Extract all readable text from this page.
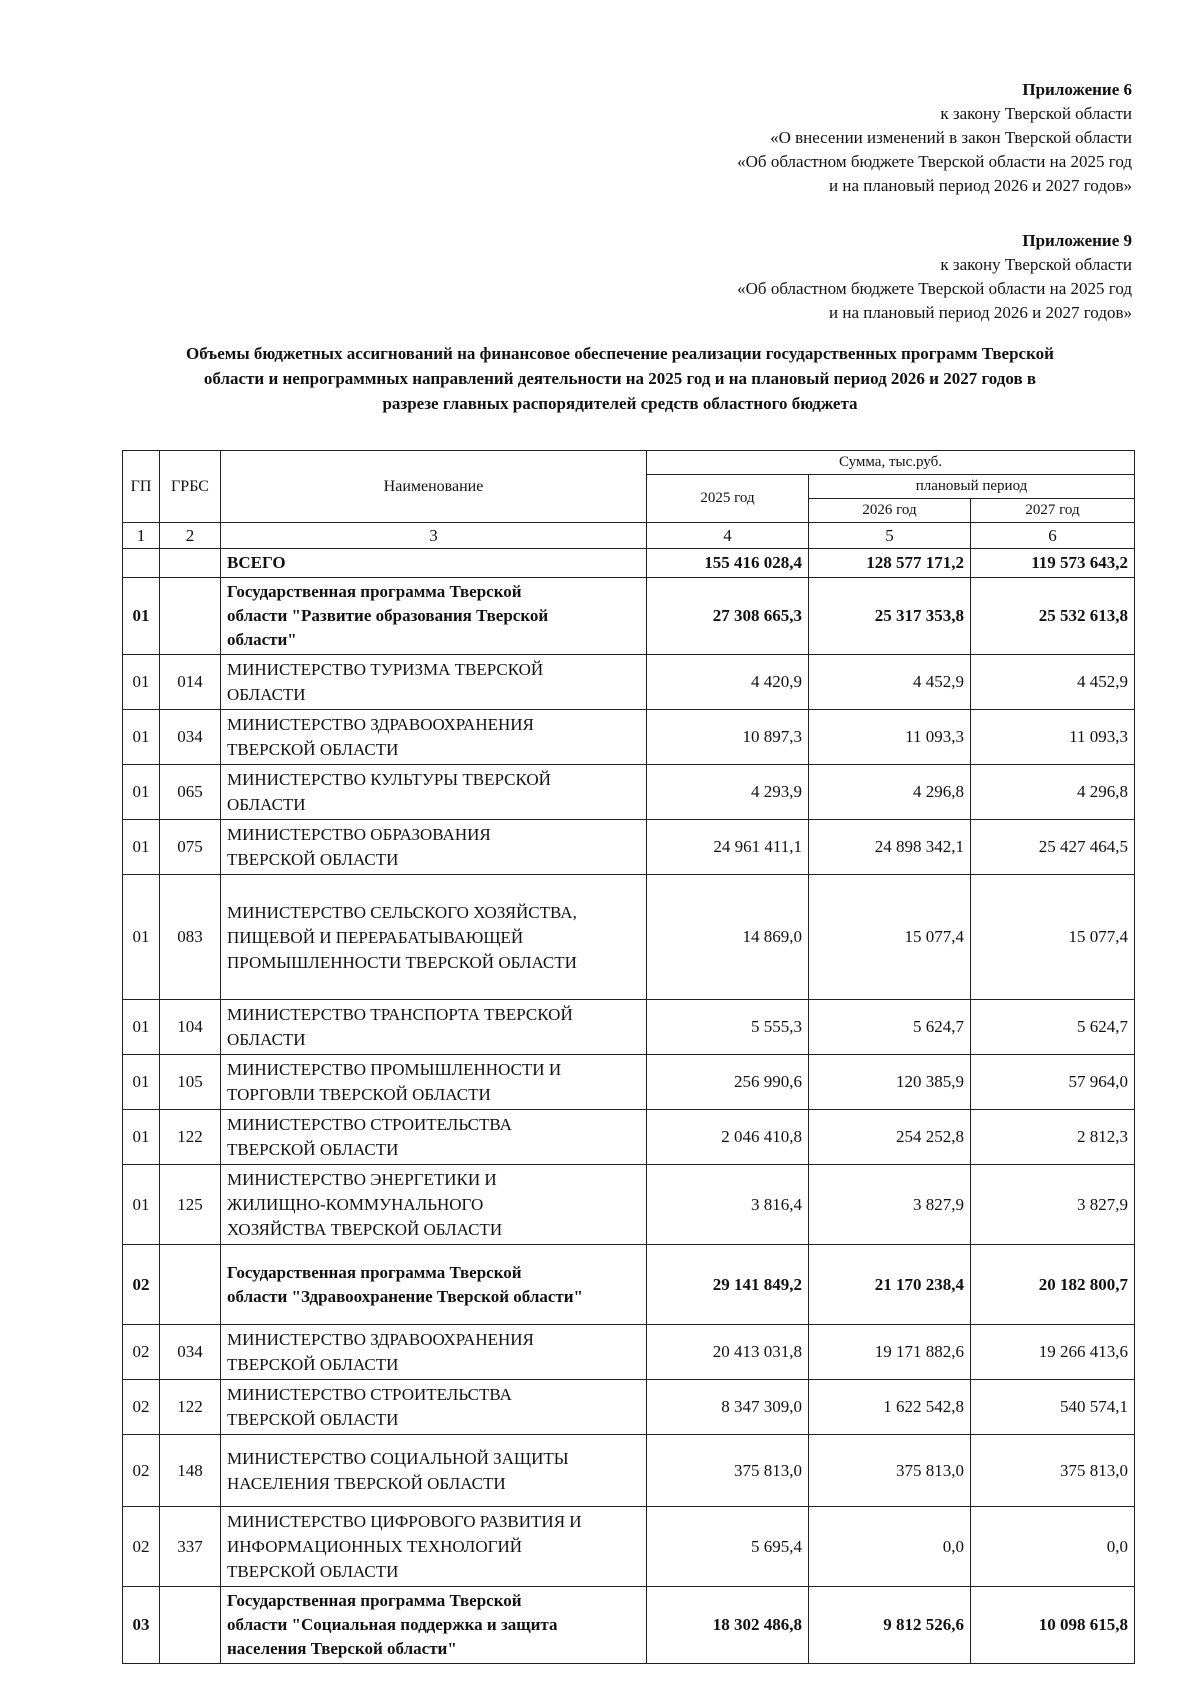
Приложение 6
к закону Тверской области
«О внесении изменений в закон Тверской области
«Об областном бюджете Тверской области на 2025 год
и на плановый период 2026 и 2027 годов»
Приложение 9
к закону Тверской области
«Об областном бюджете Тверской области на 2025 год
и на плановый период 2026 и 2027 годов»
Объемы бюджетных ассигнований на финансовое обеспечение реализации государственных программ Тверской
области и непрограммных направлений деятельности на 2025 год и на плановый период 2026 и 2027 годов в
разрезе главных распорядителей средств областного бюджета
ГП	ГРБС	Наименование	Сумма, тыс.руб.		
			2025 год	плановый период	
				2026 год	2027 год
1	2	3	4	5	6
		ВСЕГО	155 416 028,4	128 577 171,2	119 573 643,2
01		Государственная программа Тверской
области "Развитие образования Тверской
области"	27 308 665,3	25 317 353,8	25 532 613,8
01	014	МИНИСТЕРСТВО ТУРИЗМА ТВЕРСКОЙ
ОБЛАСТИ	4 420,9	4 452,9	4 452,9
01	034	МИНИСТЕРСТВО ЗДРАВООХРАНЕНИЯ
ТВЕРСКОЙ ОБЛАСТИ	10 897,3	11 093,3	11 093,3
01	065	МИНИСТЕРСТВО КУЛЬТУРЫ ТВЕРСКОЙ
ОБЛАСТИ	4 293,9	4 296,8	4 296,8
01	075	МИНИСТЕРСТВО ОБРАЗОВАНИЯ
ТВЕРСКОЙ ОБЛАСТИ	24 961 411,1	24 898 342,1	25 427 464,5
01	083	МИНИСТЕРСТВО СЕЛЬСКОГО ХОЗЯЙСТВА,
ПИЩЕВОЙ И ПЕРЕРАБАТЫВАЮЩЕЙ
ПРОМЫШЛЕННОСТИ ТВЕРСКОЙ ОБЛАСТИ	14 869,0	15 077,4	15 077,4
01	104	МИНИСТЕРСТВО ТРАНСПОРТА ТВЕРСКОЙ
ОБЛАСТИ	5 555,3	5 624,7	5 624,7
01	105	МИНИСТЕРСТВО ПРОМЫШЛЕННОСТИ И
ТОРГОВЛИ ТВЕРСКОЙ ОБЛАСТИ	256 990,6	120 385,9	57 964,0
01	122	МИНИСТЕРСТВО СТРОИТЕЛЬСТВА
ТВЕРСКОЙ ОБЛАСТИ	2 046 410,8	254 252,8	2 812,3
01	125	МИНИСТЕРСТВО ЭНЕРГЕТИКИ И
ЖИЛИЩНО-КОММУНАЛЬНОГО
ХОЗЯЙСТВА ТВЕРСКОЙ ОБЛАСТИ	3 816,4	3 827,9	3 827,9
02		Государственная программа Тверской
области "Здравоохранение Тверской области"	29 141 849,2	21 170 238,4	20 182 800,7
02	034	МИНИСТЕРСТВО ЗДРАВООХРАНЕНИЯ
ТВЕРСКОЙ ОБЛАСТИ	20 413 031,8	19 171 882,6	19 266 413,6
02	122	МИНИСТЕРСТВО СТРОИТЕЛЬСТВА
ТВЕРСКОЙ ОБЛАСТИ	8 347 309,0	1 622 542,8	540 574,1
02	148	МИНИСТЕРСТВО СОЦИАЛЬНОЙ ЗАЩИТЫ
НАСЕЛЕНИЯ ТВЕРСКОЙ ОБЛАСТИ	375 813,0	375 813,0	375 813,0
02	337	МИНИСТЕРСТВО ЦИФРОВОГО РАЗВИТИЯ И
ИНФОРМАЦИОННЫХ ТЕХНОЛОГИЙ
ТВЕРСКОЙ ОБЛАСТИ	5 695,4	0,0	0,0
03		Государственная программа Тверской
области "Социальная поддержка и защита
населения Тверской области"	18 302 486,8	9 812 526,6	10 098 615,8
